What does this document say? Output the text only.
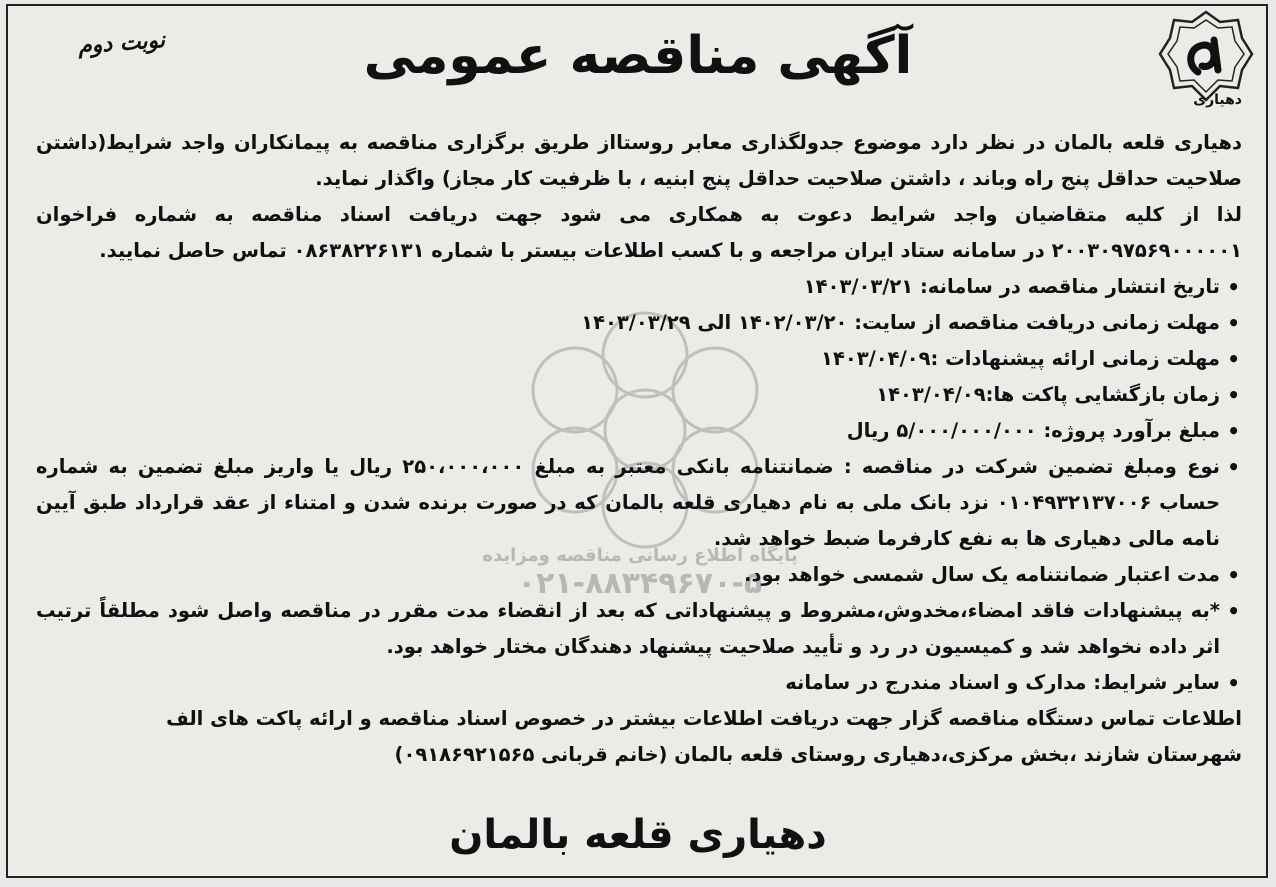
دهیاری
نوبت دوم	آگهی مناقصه عمومی
پایگاه اطلاع رسانی مناقصه ومزایده
۰۲۱-۸۸۳۴۹۶۷۰-۵

دهیاری قلعه بالمان در نظر دارد موضوع جدولگذاری معابر روستااز طریق برگزاری مناقصه به پیمانکاران واجد شرایط(داشتن صلاحیت حداقل پنج راه وباند ، داشتن صلاحیت حداقل پنج ابنیه ، با ظرفیت کار مجاز) واگذار نماید.

لذا از کلیه متقاضیان واجد شرایط دعوت به همکاری می شود جهت دریافت اسناد مناقصه به شماره فراخوان ۲۰۰۳۰۹۷۵۶۹۰۰۰۰۰۱ در سامانه ستاد ایران مراجعه و با کسب اطلاعات بیستر با شماره ۰۸۶۳۸۲۲۶۱۳۱ تماس حاصل نمایید.

• تاریخ انتشار مناقصه در سامانه: ۱۴۰۳/۰۳/۲۱
• مهلت زمانی دریافت مناقصه از سایت: ۱۴۰۲/۰۳/۲۰ الی ۱۴۰۳/۰۳/۲۹
• مهلت زمانی ارائه پیشنهادات :۱۴۰۳/۰۴/۰۹
• زمان بازگشایی پاکت ها:۱۴۰۳/۰۴/۰۹
• مبلغ برآورد پروژه: ۵/۰۰۰/۰۰۰/۰۰۰ ریال
• نوع ومبلغ تضمین شرکت در مناقصه : ضمانتنامه بانکی معتبر به مبلغ ۲۵۰،۰۰۰،۰۰۰ ریال یا واریز مبلغ تضمین به شماره حساب ۰۱۰۴۹۳۲۱۳۷۰۰۶ نزد بانک ملی به نام دهیاری قلعه بالمان که در صورت برنده شدن و امتناء از عقد قرارداد طبق آیین نامه مالی دهیاری ها به نفع کارفرما ضبط خواهد شد.
• مدت اعتبار ضمانتنامه یک سال شمسی خواهد بود.
• *به پیشنهادات فاقد امضاء،مخدوش،مشروط و پیشنهاداتی که بعد از انقضاء مدت مقرر در مناقصه واصل شود مطلقاً ترتیب اثر داده نخواهد شد و کمیسیون در رد و تأیید صلاحیت پیشنهاد دهندگان مختار خواهد بود.
• سایر شرایط: مدارک و اسناد مندرج در سامانه

اطلاعات تماس دستگاه مناقصه گزار جهت دریافت اطلاعات بیشتر در خصوص اسناد مناقصه و ارائه پاکت های الف

شهرستان شازند ،بخش مرکزی،دهیاری روستای قلعه بالمان (خانم قربانی ۰۹۱۸۶۹۲۱۵۶۵)

دهیاری قلعه بالمان
